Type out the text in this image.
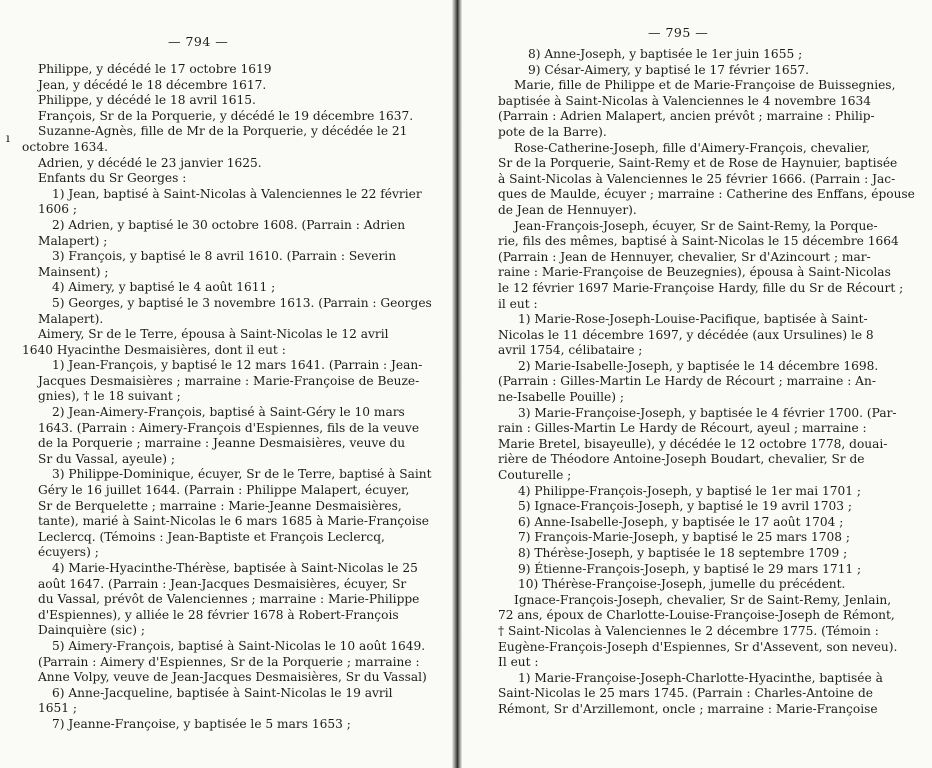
— 794 —
ı
Philippe, y décédé le 17 octobre 1619
Jean, y décédé le 18 décembre 1617.
Philippe, y décédé le 18 avril 1615.
François, Sr de la Porquerie, y décédé le 19 décembre 1637.
Suzanne-Agnès, fille de Mr de la Porquerie, y décédée le 21
octobre 1634.
Adrien, y décédé le 23 janvier 1625.
Enfants du Sr Georges :
1) Jean, baptisé à Saint-Nicolas à Valenciennes le 22 février
1606 ;
2) Adrien, y baptisé le 30 octobre 1608. (Parrain : Adrien
Malapert) ;
3) François, y baptisé le 8 avril 1610. (Parrain : Severin
Mainsent) ;
4) Aimery, y baptisé le 4 août 1611 ;
5) Georges, y baptisé le 3 novembre 1613. (Parrain : Georges
Malapert).
Aimery, Sr de le Terre, épousa à Saint-Nicolas le 12 avril
1640 Hyacinthe Desmaisières, dont il eut :
1) Jean-François, y baptisé le 12 mars 1641. (Parrain : Jean-
Jacques Desmaisières ; marraine : Marie-Françoise de Beuze-
gnies), † le 18 suivant ;
2) Jean-Aimery-François, baptisé à Saint-Géry le 10 mars
1643. (Parrain : Aimery-François d'Espiennes, fils de la veuve
de la Porquerie ; marraine : Jeanne Desmaisières, veuve du
Sr du Vassal, ayeule) ;
3) Philippe-Dominique, écuyer, Sr de le Terre, baptisé à Saint
Géry le 16 juillet 1644. (Parrain : Philippe Malapert, écuyer,
Sr de Berquelette ; marraine : Marie-Jeanne Desmaisières,
tante), marié à Saint-Nicolas le 6 mars 1685 à Marie-Françoise
Leclercq. (Témoins : Jean-Baptiste et François Leclercq,
écuyers) ;
4) Marie-Hyacinthe-Thérèse, baptisée à Saint-Nicolas le 25
août 1647. (Parrain : Jean-Jacques Desmaisières, écuyer, Sr
du Vassal, prévôt de Valenciennes ; marraine : Marie-Philippe
d'Espiennes), y alliée le 28 février 1678 à Robert-François
Dainquière (sic) ;
5) Aimery-François, baptisé à Saint-Nicolas le 10 août 1649.
(Parrain : Aimery d'Espiennes, Sr de la Porquerie ; marraine :
Anne Volpy, veuve de Jean-Jacques Desmaisières, Sr du Vassal)
6) Anne-Jacqueline, baptisée à Saint-Nicolas le 19 avril
1651 ;
7) Jeanne-Françoise, y baptisée le 5 mars 1653 ;
— 795 —
8) Anne-Joseph, y baptisée le 1er juin 1655 ;
9) César-Aimery, y baptisé le 17 février 1657.
Marie, fille de Philippe et de Marie-Françoise de Buissegnies,
baptisée à Saint-Nicolas à Valenciennes le 4 novembre 1634
(Parrain : Adrien Malapert, ancien prévôt ; marraine : Philip-
pote de la Barre).
Rose-Catherine-Joseph, fille d'Aimery-François, chevalier,
Sr de la Porquerie, Saint-Remy et de Rose de Haynuier, baptisée
à Saint-Nicolas à Valenciennes le 25 février 1666. (Parrain : Jac-
ques de Maulde, écuyer ; marraine : Catherine des Enffans, épouse
de Jean de Hennuyer).
Jean-François-Joseph, écuyer, Sr de Saint-Remy, la Porque-
rie, fils des mêmes, baptisé à Saint-Nicolas le 15 décembre 1664
(Parrain : Jean de Hennuyer, chevalier, Sr d'Azincourt ; mar-
raine : Marie-Françoise de Beuzegnies), épousa à Saint-Nicolas
le 12 février 1697 Marie-Françoise Hardy, fille du Sr de Récourt ;
il eut :
1) Marie-Rose-Joseph-Louise-Pacifique, baptisée à Saint-
Nicolas le 11 décembre 1697, y décédée (aux Ursulines) le 8
avril 1754, célibataire ;
2) Marie-Isabelle-Joseph, y baptisée le 14 décembre 1698.
(Parrain : Gilles-Martin Le Hardy de Récourt ; marraine : An-
ne-Isabelle Pouille) ;
3) Marie-Françoise-Joseph, y baptisée le 4 février 1700. (Par-
rain : Gilles-Martin Le Hardy de Récourt, ayeul ; marraine :
Marie Bretel, bisayeulle), y décédée le 12 octobre 1778, douai-
rière de Théodore Antoine-Joseph Boudart, chevalier, Sr de
Couturelle ;
4) Philippe-François-Joseph, y baptisé le 1er mai 1701 ;
5) Ignace-François-Joseph, y baptisé le 19 avril 1703 ;
6) Anne-Isabelle-Joseph, y baptisée le 17 août 1704 ;
7) François-Marie-Joseph, y baptisé le 25 mars 1708 ;
8) Thérèse-Joseph, y baptisée le 18 septembre 1709 ;
9) Étienne-François-Joseph, y baptisé le 29 mars 1711 ;
10) Thérèse-Françoise-Joseph, jumelle du précédent.
Ignace-François-Joseph, chevalier, Sr de Saint-Remy, Jenlain,
72 ans, époux de Charlotte-Louise-Françoise-Joseph de Rémont,
† Saint-Nicolas à Valenciennes le 2 décembre 1775. (Témoin :
Eugène-François-Joseph d'Espiennes, Sr d'Assevent, son neveu).
Il eut :
1) Marie-Françoise-Joseph-Charlotte-Hyacinthe, baptisée à
Saint-Nicolas le 25 mars 1745. (Parrain : Charles-Antoine de
Rémont, Sr d'Arzillemont, oncle ; marraine : Marie-Françoise
